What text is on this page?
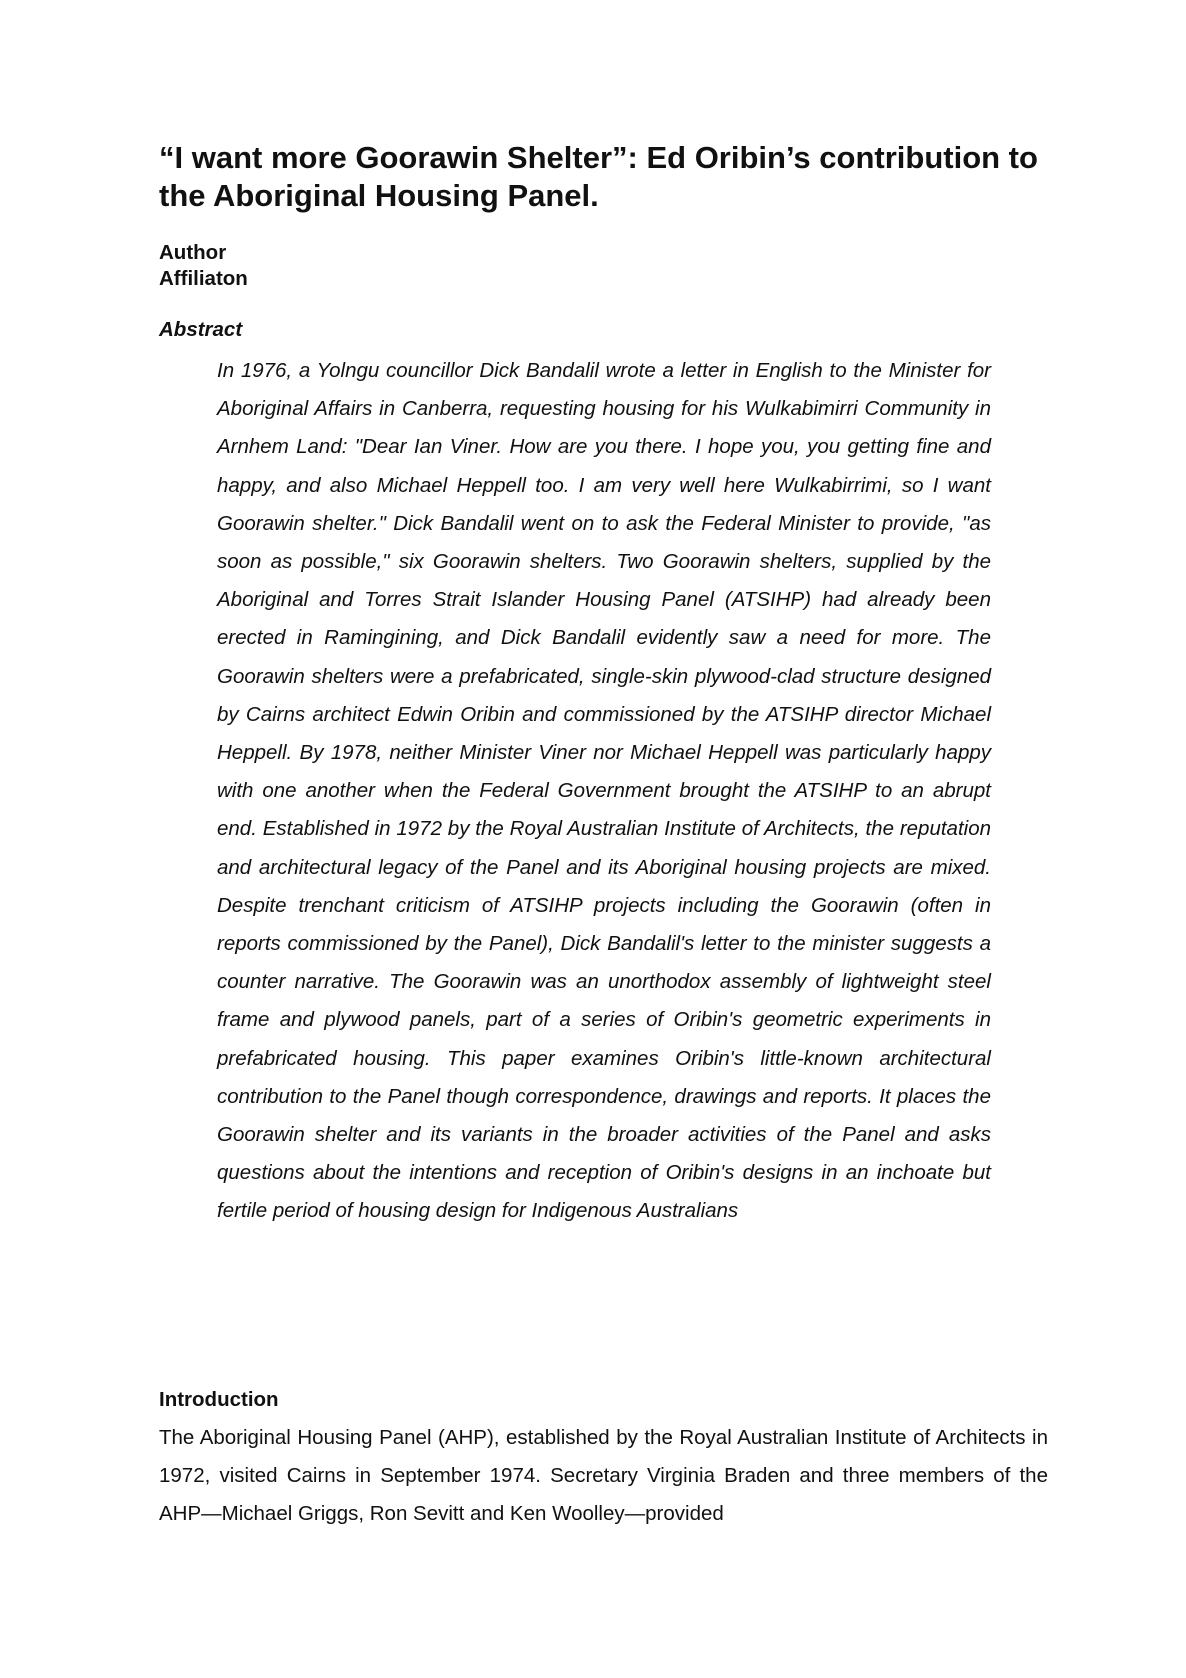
“I want more Goorawin Shelter”: Ed Oribin’s contribution to the Aboriginal Housing Panel.
Author
Affiliaton
Abstract

In 1976, a Yolngu councillor Dick Bandalil wrote a letter in English to the Minister for Aboriginal Affairs in Canberra, requesting housing for his Wulkabimirri Community in Arnhem Land: "Dear Ian Viner. How are you there. I hope you, you getting fine and happy, and also Michael Heppell too. I am very well here Wulkabirrimi, so I want Goorawin shelter." Dick Bandalil went on to ask the Federal Minister to provide, "as soon as possible," six Goorawin shelters. Two Goorawin shelters, supplied by the Aboriginal and Torres Strait Islander Housing Panel (ATSIHP) had already been erected in Ramingining, and Dick Bandalil evidently saw a need for more. The Goorawin shelters were a prefabricated, single-skin plywood-clad structure designed by Cairns architect Edwin Oribin and commissioned by the ATSIHP director Michael Heppell. By 1978, neither Minister Viner nor Michael Heppell was particularly happy with one another when the Federal Government brought the ATSIHP to an abrupt end. Established in 1972 by the Royal Australian Institute of Architects, the reputation and architectural legacy of the Panel and its Aboriginal housing projects are mixed. Despite trenchant criticism of ATSIHP projects including the Goorawin (often in reports commissioned by the Panel), Dick Bandalil's letter to the minister suggests a counter narrative. The Goorawin was an unorthodox assembly of lightweight steel frame and plywood panels, part of a series of Oribin's geometric experiments in prefabricated housing. This paper examines Oribin's little-known architectural contribution to the Panel though correspondence, drawings and reports. It places the Goorawin shelter and its variants in the broader activities of the Panel and asks questions about the intentions and reception of Oribin's designs in an inchoate but fertile period of housing design for Indigenous Australians

Introduction

The Aboriginal Housing Panel (AHP), established by the Royal Australian Institute of Architects in 1972, visited Cairns in September 1974. Secretary Virginia Braden and three members of the AHP—Michael Griggs, Ron Sevitt and Ken Woolley—provided
